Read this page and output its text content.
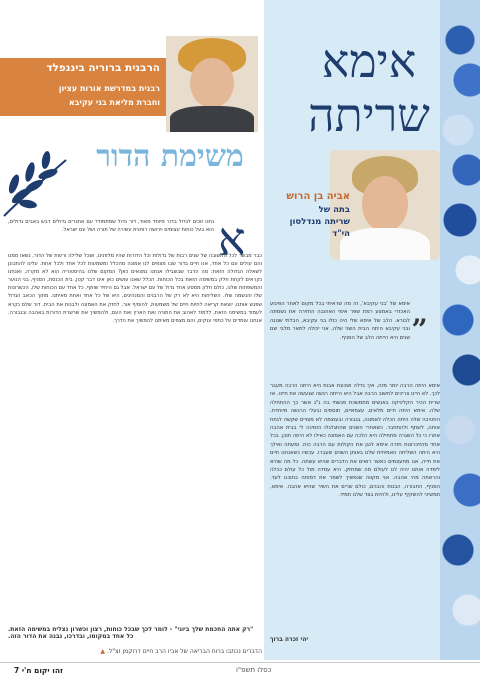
אימא שריתה
אביה בן הרוש
בתה של
שריתה מנדלסון הי"ד
„

אימא של 'בני עקיבא', זה מה שראיתי בכל מקום לאחר הפיגוע האכזרי באמצע רמת שפר אימי האהובה החזירה את נשמתה לבורא. הלב של אימא שלי היה כולו בני עקיבא, הבלתי שנונה ובני עקיבא היתה הבית השני שלה, אני יכולה לתאר מלבי שם שנים היא הייתה הלב של הסניף.

אימא היתה הרבה יותר מזה, איך גדלה ושכונת אבות היא היתה הרבה מעבר לכך. לא היינו צריכים לחשוב הרבה אבל היא הייתה רגשה שגעשה את חיינו. אז שרית הכיר הקליניקה באנשים מתמשכת פגשתי בה ג"ג אשר כך ההתחלה שלה. אימא היתה חיים מלאים, עצמאיים, תוססים ובעלי הרגשה מיוחדת. החטיבה שלה היתה הכלה לאמונה, בגבורה ובעוצמה לא מצויים שקשה לנתח אותה, לשתף ולהתחבר. כשאחרי השנים שהתגלגלו הזמינה לי בבית אהבה אתרו כי כל השגרה מתחילה היא הלכה עם האמונה כאילו לא היתה תוכן. בכל אחד מהזיכרונות חזרה אימא לנגן את הקולות עם הרבה כוח. ומעתה ואילך היא היתה השליחה האמיתית שלנו באותן השנים שעברו. עכשיו כשאנחנו חיים את חייה, אנו מתעצמים כאשר רואים את הדברים שהיא עשתה. כל מה שהיא לימדה אותנו יהיה לנו לעולם מה שמחזק. היא עמדה מול כל עולם ככלה והראתה מהי אהבה. אני מקווה שנמשיך לשמר את דמותה בתוכנו לעד. הסניף, החבורה, הבנות והבנים, כולם שרים את השיר שהיא אהבה. אימא, תמשיכי להשקיף עלינו, ולהיות בצד שלנו תמיד.

יהי זכרה ברוך
הרבנית ברוריה ביננפלד
רבנית במדרשת אורות עציון
וחברת מליאת בני עקיבא
משימת הדור
א

נחנו זוכים לגדול בדור מיוחד מאוד, דור גדול שמתמודד עם אתגרים גדולים דבש באבים גדולים, הוא בעל כוחות עצומים וירושה רוחנית עשירה של תורה ושל עם ישראל.

כבר מבשר לכל התשובה של שנים רבות של גדולות וכל הדורות שהיו מלפנינו, ושכל שלילה ורעות של הדור, נשאו ממנו והם עולים עם כל אחד, אנו חיים בדור שבו מצפים לנו אמונה מהכלל ומשמעות לכל אחד ולכל אחת. עלינו להתכונן לשאלה הגדולה הזאת: מה הדבר שבשבילו אנחנו נמצאים כאן? המקום שלנו בהיסטוריה הוא לא מקרה, ואנחנו נקראים לקחת חלק במשימה הזאת בכל הכוחות. הכלל שאנו עושים כאן אינו דבר קטן, בית הכנסת, הסניף, בני הנוער והמשפחות שלנו, כולם חלק ממסע אחד גדול של עם ישראל. אבל גם היחיד שותף, כל אחד עם הכוחות שלו, הכשרונות שלו והנשמה שלו. השליחות היא לא רק של הרבנים והמנהיגים, היא של כל אחד ואחת מאיתנו. מתוך הכאב הגדול שפגש אותנו, יוצאת קריאה לחיות חיים של משמעות, להוסיף אור, לחזק את האמונה ולבנות את הבית. דור שלם נקרא לעמוד במשימה הזאת, ללמוד לאהוב את התורה ואת הארץ ואת העם, ולהמשיך את שרשרת הדורות באהבה ובגבורה. אנחנו עומדים על כתפי ענקים, והם מצפים מאיתנו להמשיך את הדרך.

"רק אתה החכמת שלך ביוני" - לומר לכך שבכל כוחות, רצון וכשרון נצליח במשימה הזאת. כל אחד במקומו, ובדרכו, נבנה את הדור הזה.
הדברים נכתבו ברוח הבריאה של אביו הרב חיים דרוקמן זצ"ל. ▲
כסלו תשפ"ו
זהו יקום ח'י 7
